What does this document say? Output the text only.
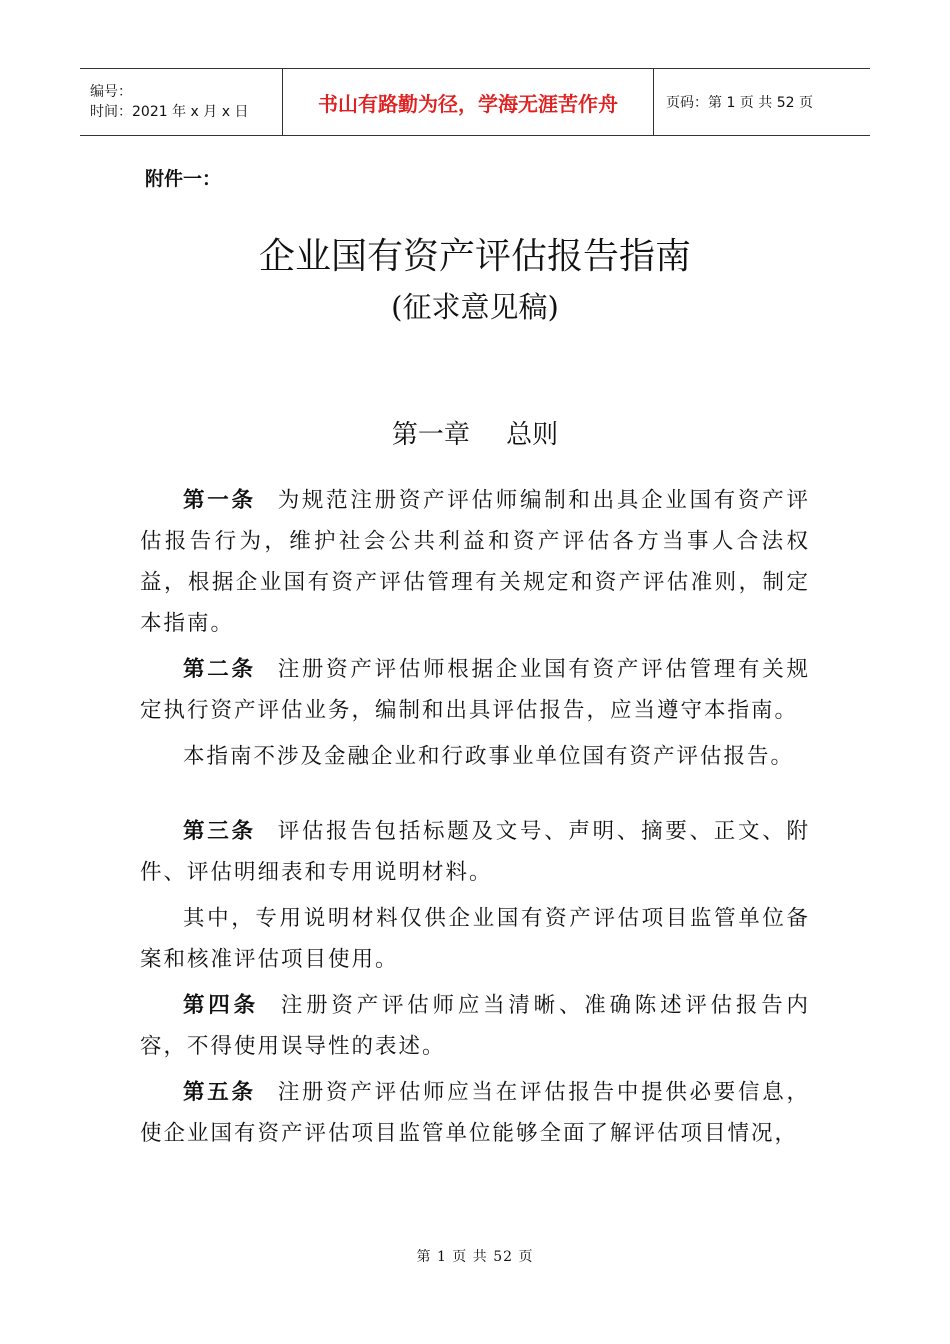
编号：
时间：2021 年 x 月 x 日	书山有路勤为径，学海无涯苦作舟	页码：第 1 页 共 52 页
附件一：
企业国有资产评估报告指南
(征求意见稿)
第一章 总则

第一条 为规范注册资产评估师编制和出具企业国有资产评估报告行为，维护社会公共利益和资产评估各方当事人合法权益，根据企业国有资产评估管理有关规定和资产评估准则，制定本指南。

第二条 注册资产评估师根据企业国有资产评估管理有关规定执行资产评估业务，编制和出具评估报告，应当遵守本指南。

本指南不涉及金融企业和行政事业单位国有资产评估报告。

第三条 评估报告包括标题及文号、声明、摘要、正文、附件、评估明细表和专用说明材料。

其中，专用说明材料仅供企业国有资产评估项目监管单位备案和核准评估项目使用。

第四条 注册资产评估师应当清晰、准确陈述评估报告内容，不得使用误导性的表述。

第五条 注册资产评估师应当在评估报告中提供必要信息，使企业国有资产评估项目监管单位能够全面了解评估项目情况，

第 1 页 共 52 页
